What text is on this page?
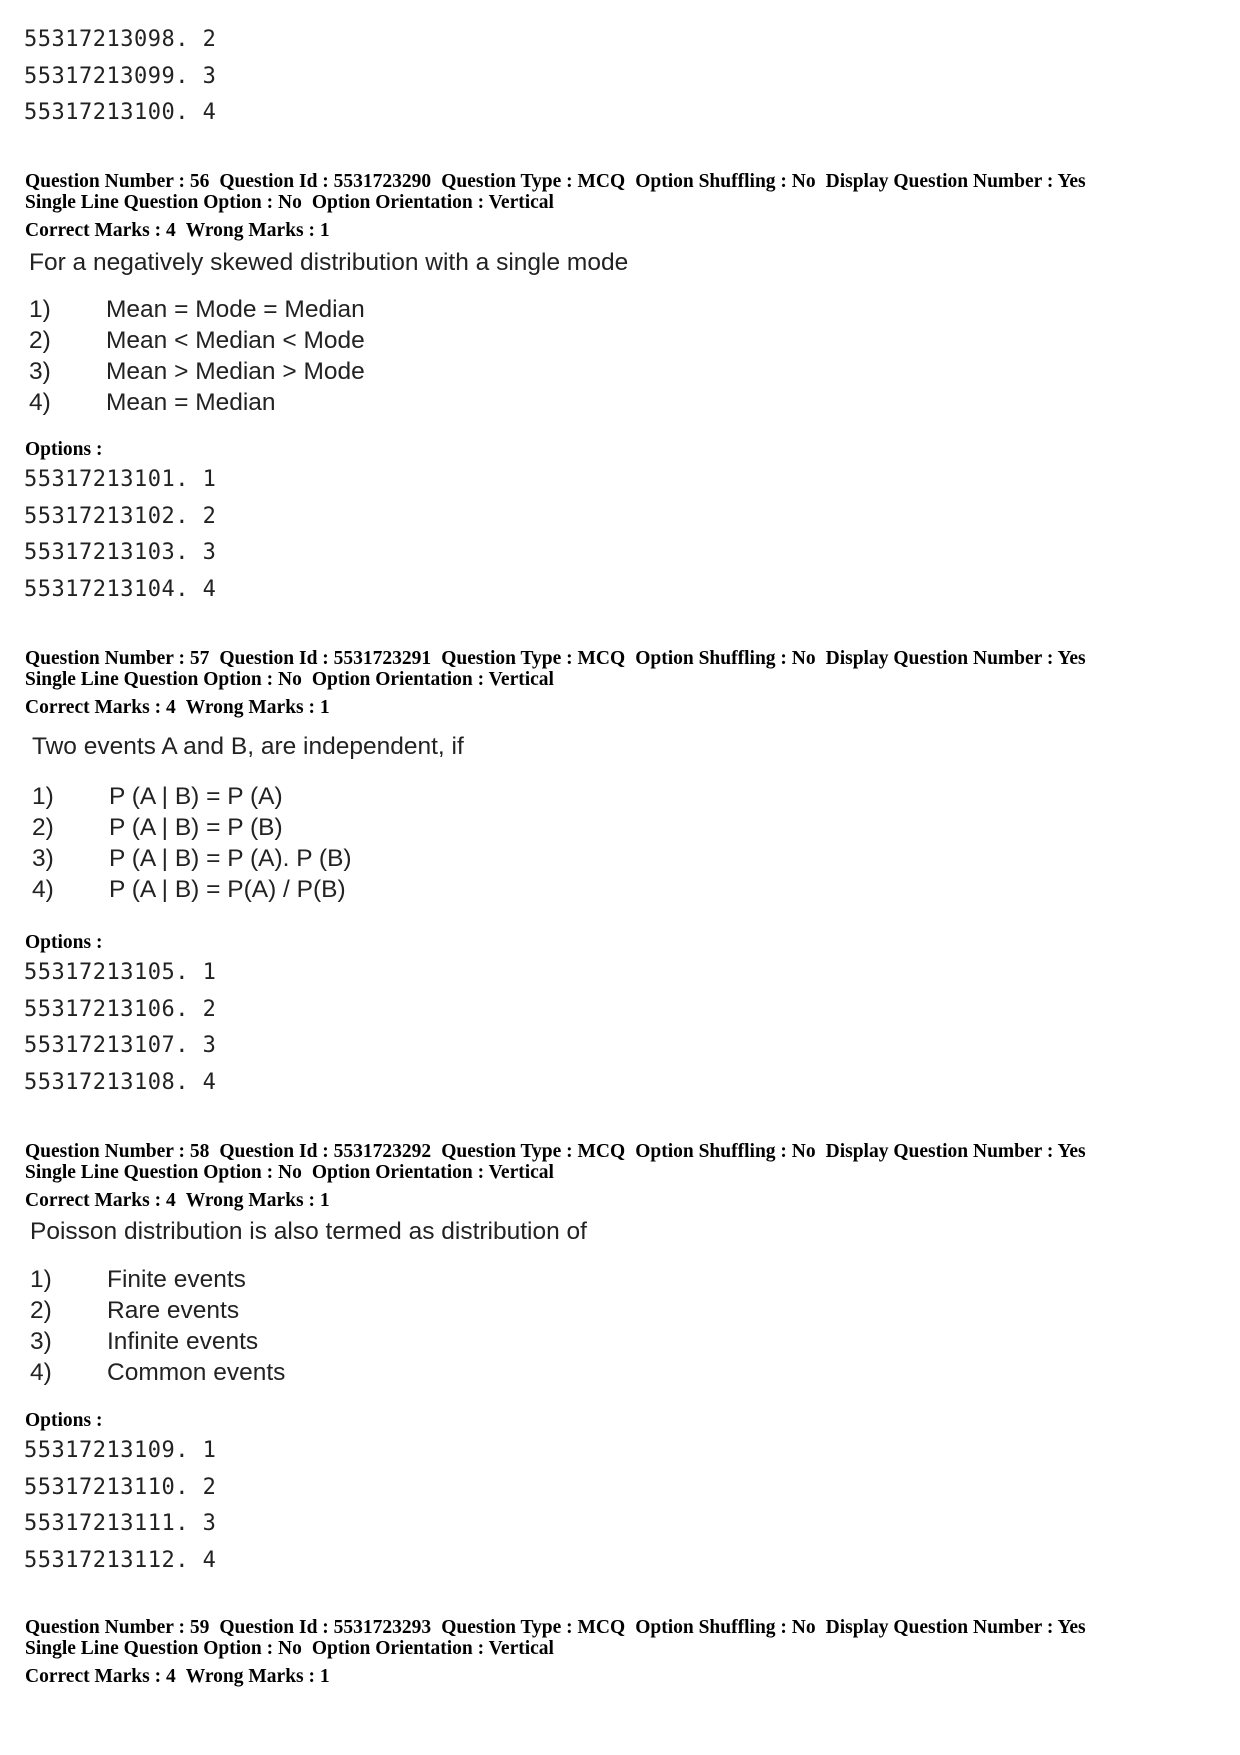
55317213098. 2
55317213099. 3
55317213100. 4
Question Number : 56 Question Id : 5531723290 Question Type : MCQ Option Shuffling : No Display Question Number : Yes
Single Line Question Option : No Option Orientation : Vertical
Correct Marks : 4 Wrong Marks : 1
For a negatively skewed distribution with a single mode
1) Mean = Mode = Median
2) Mean < Median < Mode
3) Mean > Median > Mode
4) Mean = Median
Options :
55317213101. 1
55317213102. 2
55317213103. 3
55317213104. 4
Question Number : 57 Question Id : 5531723291 Question Type : MCQ Option Shuffling : No Display Question Number : Yes
Single Line Question Option : No Option Orientation : Vertical
Correct Marks : 4 Wrong Marks : 1
Two events A and B, are independent, if
1) P (A | B) = P (A)
2) P (A | B) = P (B)
3) P (A | B) = P (A). P (B)
4) P (A | B) = P(A) / P(B)
Options :
55317213105. 1
55317213106. 2
55317213107. 3
55317213108. 4
Question Number : 58 Question Id : 5531723292 Question Type : MCQ Option Shuffling : No Display Question Number : Yes
Single Line Question Option : No Option Orientation : Vertical
Correct Marks : 4 Wrong Marks : 1
Poisson distribution is also termed as distribution of
1) Finite events
2) Rare events
3) Infinite events
4) Common events
Options :
55317213109. 1
55317213110. 2
55317213111. 3
55317213112. 4
Question Number : 59 Question Id : 5531723293 Question Type : MCQ Option Shuffling : No Display Question Number : Yes
Single Line Question Option : No Option Orientation : Vertical
Correct Marks : 4 Wrong Marks : 1
